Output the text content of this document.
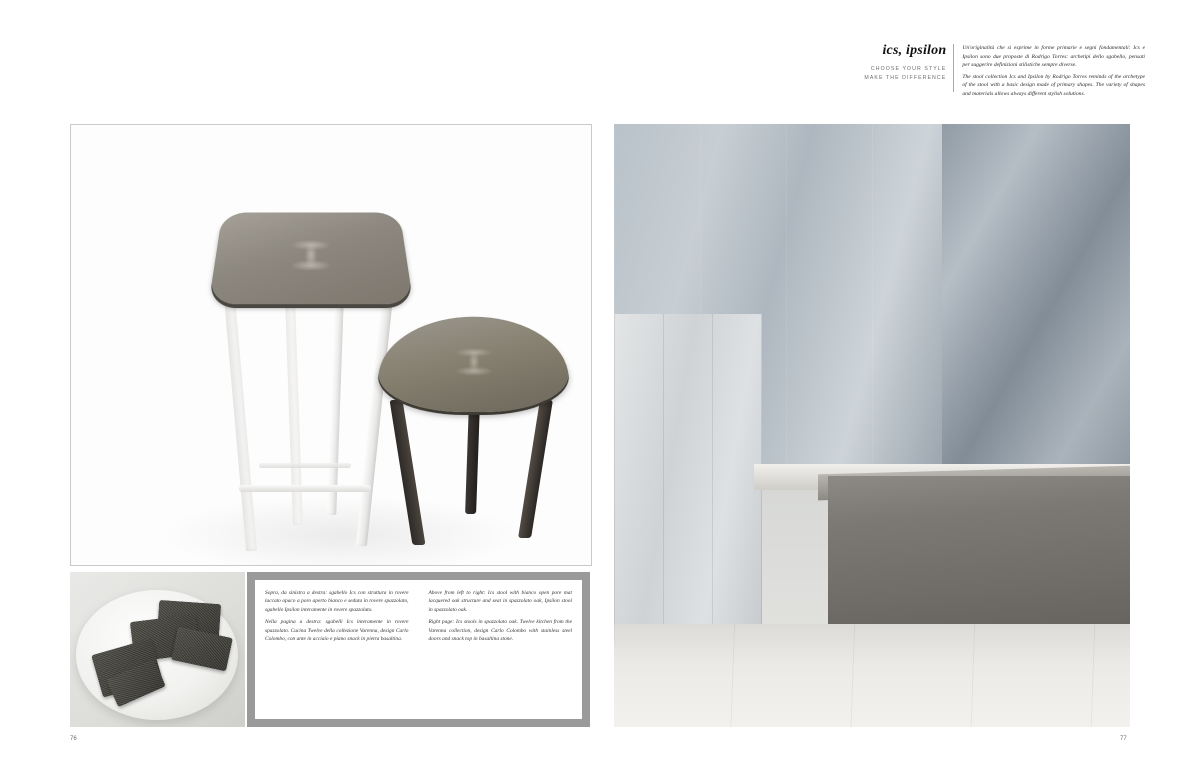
ics, ipsilon
CHOOSE YOUR STYLE
MAKE THE DIFFERENCE

Un'originalità che si esprime in forme primarie e segni fondamentali: Ics e Ipsilon sono due proposte di Rodrigo Torres: archetipi dello sgabello, pensati per suggerire definizioni stilistiche sempre diverse.

The stool collection Ics and Ipsilon by Rodrigo Torres reminds of the archetype of the stool with a basic design made of primary shapes. The variety of shapes and materials allows always different stylish solutions.

Sopra, da sinistra a destra: sgabello Ics con struttura in rovere laccato opaco a poro aperto bianco e seduta in rovere spazzolato, sgabello Ipsilon interamente in rovere spazzolato.

Nella pagina a destra: sgabelli Ics interamente in rovere spazzolato. Cucina Twelve della collezione Varenna, design Carlo Colombo, con ante in acciaio e piano snack in pietra basaltina.

Above from left to right: Ics stool with bianco open pore mat lacquered oak structure and seat in spazzolato oak, Ipsilon stool in spazzolato oak.

Right page: Ics stools in spazzolato oak. Twelve kitchen from the Varenna collection, design Carlo Colombo with stainless steel doors and snack top in basaltina stone.

76	77
